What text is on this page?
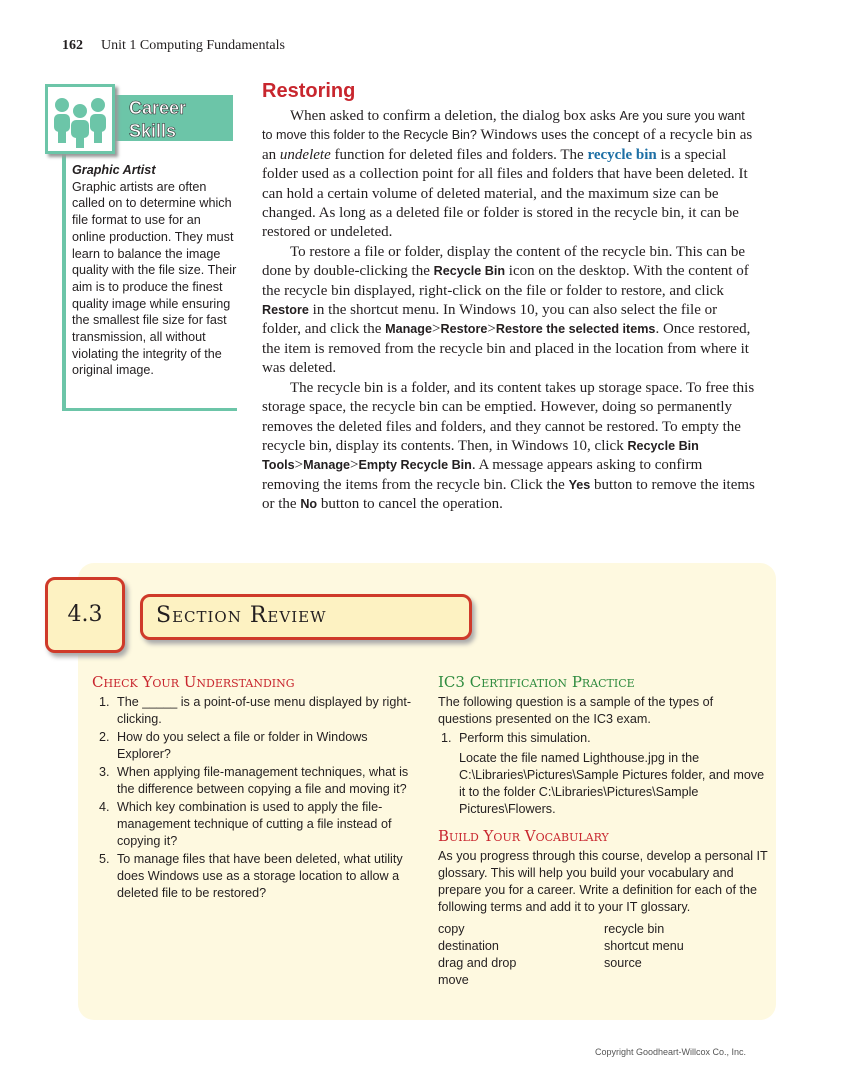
162 Unit 1 Computing Fundamentals
Career
Skills
Graphic Artist
Graphic artists are often called on to determine which file format to use for an online production. They must learn to balance the image quality with the file size. Their aim is to produce the finest quality image while ensuring the smallest file size for fast transmission, all without violating the integrity of the original image.
Restoring

When asked to confirm a deletion, the dialog box asks Are you sure you want to move this folder to the Recycle Bin? Windows uses the concept of a recycle bin as an undelete function for deleted files and folders. The recycle bin is a special folder used as a collection point for all files and folders that have been deleted. It can hold a certain volume of deleted material, and the maximum size can be changed. As long as a deleted file or folder is stored in the recycle bin, it can be restored or undeleted.

To restore a file or folder, display the content of the recycle bin. This can be done by double-clicking the Recycle Bin icon on the desktop. With the content of the recycle bin displayed, right-click on the file or folder to restore, and click Restore in the shortcut menu. In Windows 10, you can also select the file or folder, and click the Manage>Restore>Restore the selected items. Once restored, the item is removed from the recycle bin and placed in the location from where it was deleted.

The recycle bin is a folder, and its content takes up storage space. To free this storage space, the recycle bin can be emptied. However, doing so permanently removes the deleted files and folders, and they cannot be restored. To empty the recycle bin, display its contents. Then, in Windows 10, click Recycle Bin Tools>Manage>Empty Recycle Bin. A message appears asking to confirm removing the items from the recycle bin. Click the Yes button to remove the items or the No button to cancel the operation.

4.3	Section Review
Check Your Understanding
1. The _____ is a point-of-use menu displayed by right-clicking.
2. How do you select a file or folder in Windows Explorer?
3. When applying file-management techniques, what is the difference between copying a file and moving it?
4. Which key combination is used to apply the file-management technique of cutting a file instead of copying it?
5. To manage files that have been deleted, what utility does Windows use as a storage location to allow a deleted file to be restored?
IC3 Certification Practice
The following question is a sample of the types of questions presented on the IC3 exam.
1. Perform this simulation.
Locate the file named Lighthouse.jpg in the C:\Libraries\Pictures\Sample Pictures folder, and move it to the folder C:\Libraries\Pictures\Sample Pictures\Flowers.
Build Your Vocabulary
As you progress through this course, develop a personal IT glossary. This will help you build your vocabulary and prepare you for a career. Write a definition for each of the following terms and add it to your IT glossary.
copy	recycle bin
destination	shortcut menu
drag and drop	source
move

Copyright Goodheart-Willcox Co., Inc.
